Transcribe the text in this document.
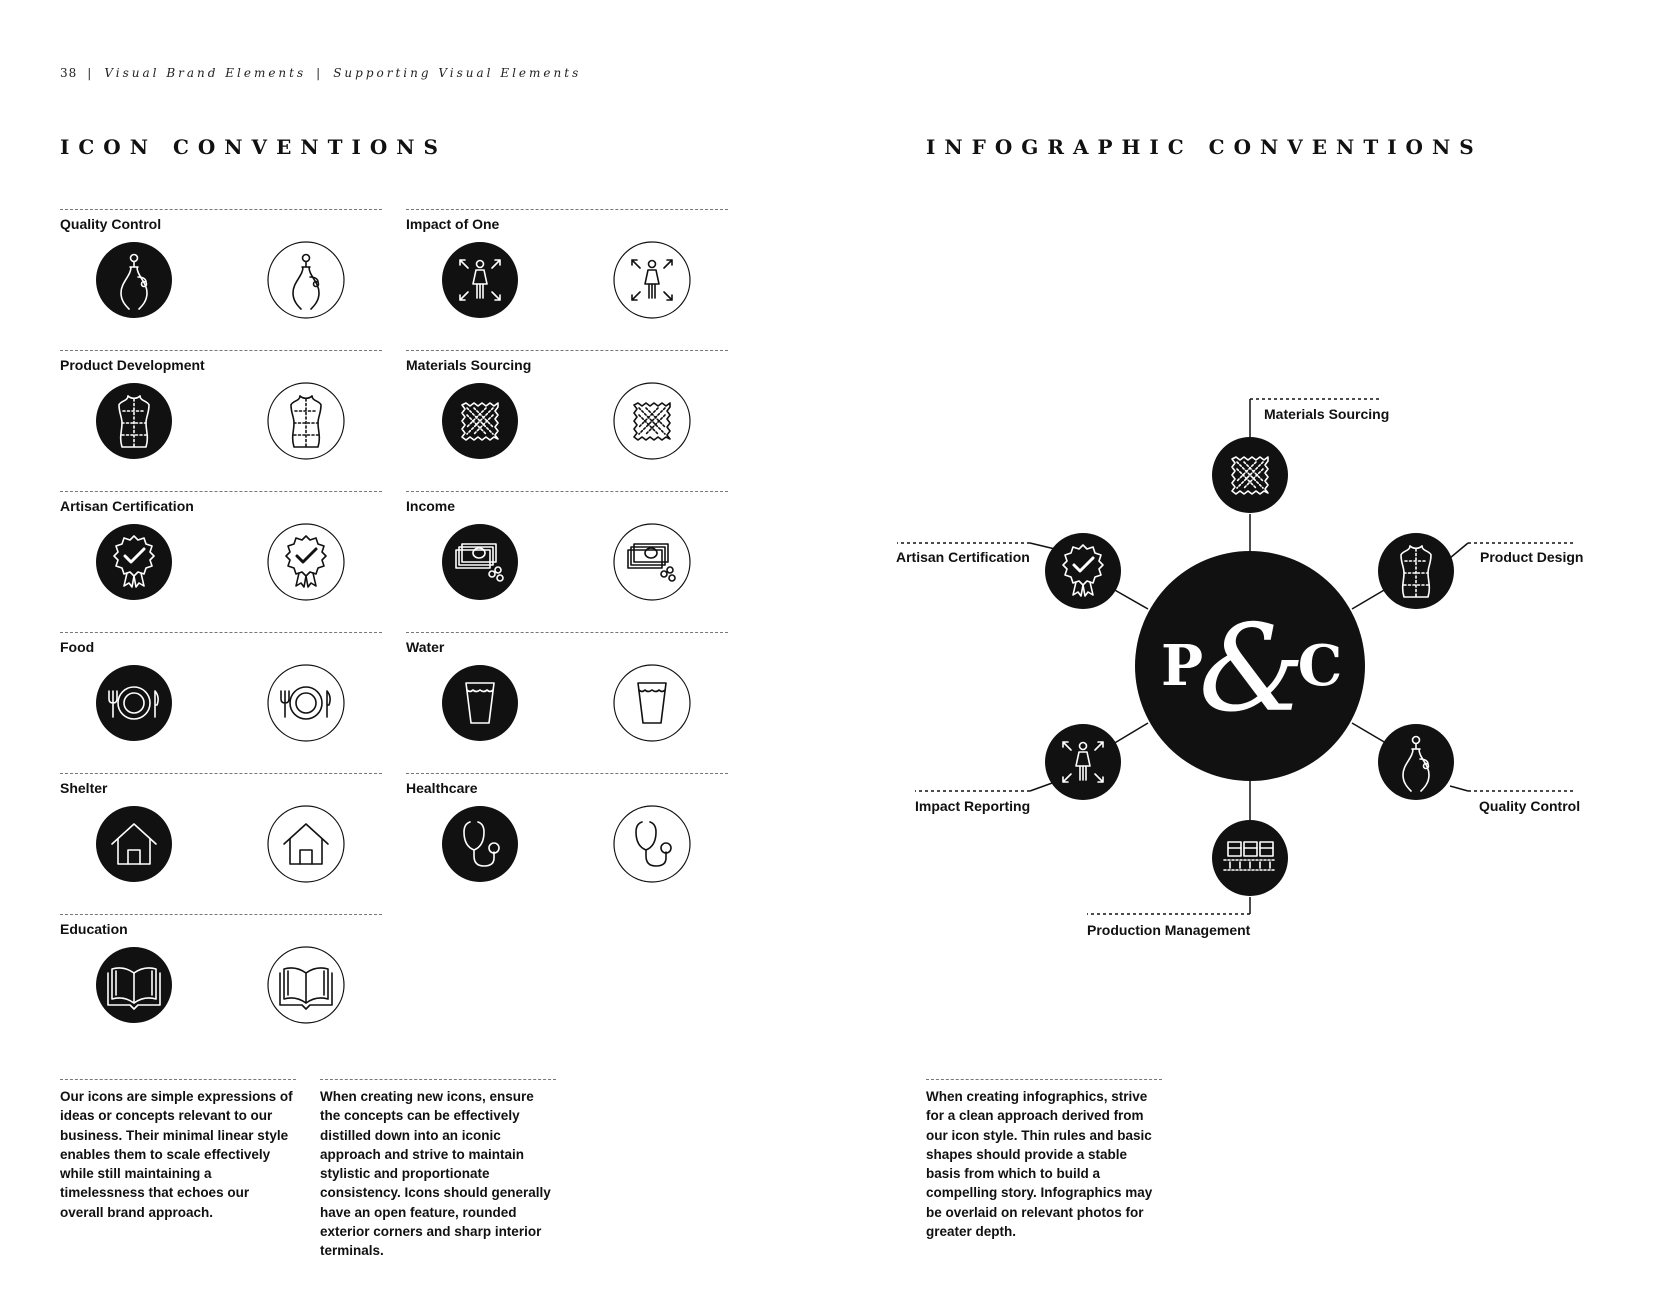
38 | Visual Brand Elements | Supporting Visual Elements
ICON CONVENTIONS	INFOGRAPHIC CONVENTIONS
Quality Control	Impact of One
Product Development	Materials Sourcing
Artisan Certification	Income
Food	Water
Shelter	Healthcare
Education
Our icons are simple expressions of ideas or concepts relevant to our business. Their minimal linear style enables them to scale effectively while still maintaining a timelessness that echoes our overall brand approach.
When creating new icons, ensure the concepts can be effectively distilled down into an iconic approach and strive to maintain stylistic and proportionate consistency. Icons should generally have an open feature, rounded exterior corners and sharp interior terminals.
P
&
C
Materials Sourcing
Product Design
Quality Control
Production Management
Impact Reporting
Artisan Certification
When creating infographics, strive for a clean approach derived from our icon style. Thin rules and basic shapes should provide a stable basis from which to build a compelling story. Infographics may be overlaid on relevant photos for greater depth.
